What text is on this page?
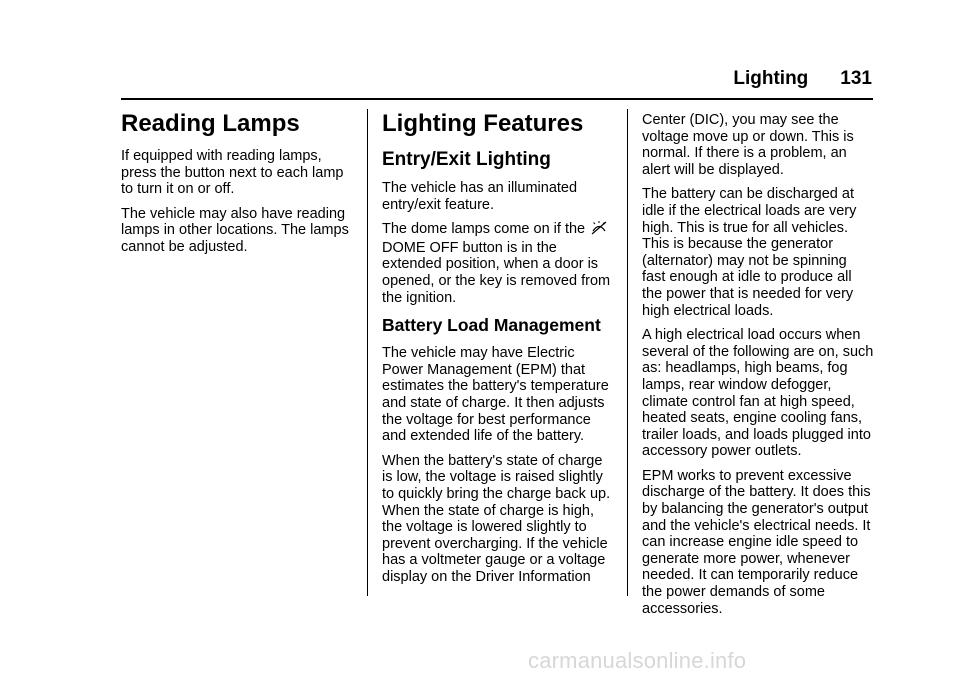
Lighting 131
Reading Lamps

If equipped with reading lamps, press the button next to each lamp to turn it on or off.

The vehicle may also have reading lamps in other locations. The lamps cannot be adjusted.

Lighting Features
Entry/Exit Lighting

The vehicle has an illuminated entry/exit feature.

The dome lamps come on if the  DOME OFF button is in the extended position, when a door is opened, or the key is removed from the ignition.

Battery Load Management

The vehicle may have Electric Power Management (EPM) that estimates the battery's temperature and state of charge. It then adjusts the voltage for best performance and extended life of the battery.

When the battery's state of charge is low, the voltage is raised slightly to quickly bring the charge back up. When the state of charge is high, the voltage is lowered slightly to prevent overcharging. If the vehicle has a voltmeter gauge or a voltage display on the Driver Information

Center (DIC), you may see the voltage move up or down. This is normal. If there is a problem, an alert will be displayed.

The battery can be discharged at idle if the electrical loads are very high. This is true for all vehicles. This is because the generator (alternator) may not be spinning fast enough at idle to produce all the power that is needed for very high electrical loads.

A high electrical load occurs when several of the following are on, such as: headlamps, high beams, fog lamps, rear window defogger, climate control fan at high speed, heated seats, engine cooling fans, trailer loads, and loads plugged into accessory power outlets.

EPM works to prevent excessive discharge of the battery. It does this by balancing the generator's output and the vehicle's electrical needs. It can increase engine idle speed to generate more power, whenever needed. It can temporarily reduce the power demands of some accessories.

carmanualsonline.info
